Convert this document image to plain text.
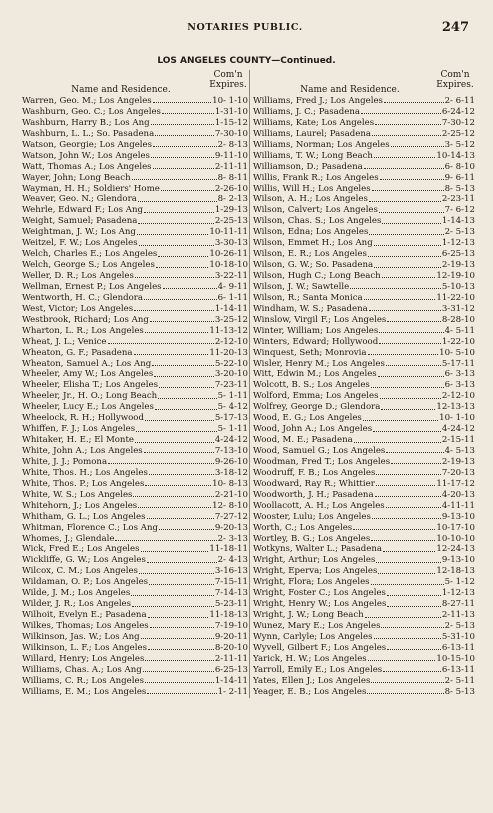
NOTARIES PUBLIC.	247
LOS ANGELES COUNTY—Continued.
Name and Residence.
Com'n Expires.
Warren, Geo. M.; Los Angeles	10- 1-10
Washburn, Geo. C.; Los Angeles	1-31-10
Washburn, Harry B.; Los Ang	1-15-12
Washburn, L. L.; So. Pasadena	7-30-10
Watson, Georgie; Los Angeles	2- 8-13
Watson, John W.; Los Angeles	9-11-10
Watt, Thomas A.; Los Angeles	2-11-11
Wayer, John; Long Beach	8- 8-11
Wayman, H. H.; Soldiers' Home	2-26-10
Weaver, Geo. N.; Glendora	8- 2-13
Wehrle, Edward F.; Los Ang	1-29-13
Weight, Samuel; Pasadena	2-25-13
Weightman, J. W.; Los Ang	10-11-11
Weitzel, F. W.; Los Angeles	3-30-13
Welch, Charles E.; Los Angeles	10-26-11
Welch, George S.; Los Angeles	10-18-10
Weller, D. R.; Los Angeles	3-22-11
Wellman, Ernest P.; Los Angeles	4- 9-11
Wentworth, H. C.; Glendora	6- 1-11
West, Victor; Los Angeles	1-14-11
Westbrook, Richard; Los Ang	3-25-12
Wharton, L. R.; Los Angeles	11-13-12
Wheat, J. L.; Venice	2-12-10
Wheaton, G. F.; Pasadena	11-20-13
Wheaton, Samuel A.; Los Ang	5-22-10
Wheeler, Amy W.; Los Angeles	3-20-10
Wheeler, Elisha T.; Los Angeles	7-23-11
Wheeler, Jr., H. O.; Long Beach	5- 1-11
Wheeler, Lucy E.; Los Angeles	5- 4-12
Wheelock, R. H.; Hollywood	5-17-13
Whiffen, F. J.; Los Angeles	5- 1-11
Whitaker, H. E.; El Monte	4-24-12
White, John A.; Los Angeles	7-13-10
White, J. J.; Pomona	9-26-10
White, Thos. H.; Los Angeles	3-18-12
White, Thos. P.; Los Angeles	10- 8-13
White, W. S.; Los Angeles	2-21-10
Whitehorn, J.; Los Angeles	12- 8-10
Whitham, G. L.; Los Angeles	7-27-12
Whitman, Florence C.; Los Ang	9-20-13
Whomes, J.; Glendale	2- 3-13
Wick, Fred E.; Los Angeles	11-18-11
Wickliffe, G. W.; Los Angeles	2- 4-13
Wilcox, C. M.; Los Angeles	3-16-13
Wildaman, O. P.; Los Angeles	7-15-11
Wilde, J. M.; Los Angeles	7-14-13
Wilder, J. R.; Los Angeles	5-23-11
Wilhoit, Evelyn E.; Pasadena	11-18-13
Wilkes, Thomas; Los Angeles	7-19-10
Wilkinson, Jas. W.; Los Ang	9-20-11
Wilkinson, L. F.; Los Angeles	8-20-10
Willard, Henry; Los Angeles	2-11-11
Williams, Chas. A.; Los Ang	6-25-13
Williams, C. R.; Los Angeles	1-14-11
Williams, E. M.; Los Angeles	1- 2-11
Name and Residence.
Com'n Expires.
Williams, Fred J.; Los Angeles	2- 6-11
Williams, J. C.; Pasadena	6-24-12
Williams, Kate; Los Angeles	7-30-12
Williams, Laurel; Pasadena	2-25-12
Williams, Norman; Los Angeles	3- 5-12
Williams, T. W.; Long Beach	10-14-13
Williamson, D.; Pasadena	6- 8-10
Willis, Frank R.; Los Angeles	9- 6-11
Willis, Will H.; Los Angeles	8- 5-13
Wilson, A. H.; Los Angeles	2-23-11
Wilson, Calvert; Los Angeles	7- 6-12
Wilson, Chas. S.; Los Angeles	1-14-13
Wilson, Edna; Los Angeles	2- 5-13
Wilson, Emmet H.; Los Ang	1-12-13
Wilson, E. R.; Los Angeles	6-25-13
Wilson, G. W.; So. Pasadena	2-19-13
Wilson, Hugh C.; Long Beach	12-19-10
Wilson, J. W.; Sawtelle	5-10-13
Wilson, R.; Santa Monica	11-22-10
Windham, W. S.; Pasadena	3-31-12
Winslow, Virgil F.; Los Angeles	8-28-10
Winter, William; Los Angeles	4- 5-11
Winters, Edward; Hollywood	1-22-10
Winquest, Seth; Monrovia	10- 5-10
Wisler, Henry M.; Los Angeles	5-17-11
Witt, Edwin M.; Los Angeles	6- 3-13
Wolcott, B. S.; Los Angeles	6- 3-13
Wolford, Emma; Los Angeles	2-12-10
Wolfrey, George D.; Glendora	12-13-13
Wood, E. G.; Los Angeles	10- 1-10
Wood, John A.; Los Angeles	4-24-12
Wood, M. E.; Pasadena	2-15-11
Wood, Samuel G.; Los Angeles	4- 5-13
Woodman, Fred T.; Los Angeles	2-19-13
Woodruff, F. B.; Los Angeles	7-20-13
Woodward, Ray R.; Whittier	11-17-12
Woodworth, J. H.; Pasadena	4-20-13
Woollacott, A. H.; Los Angeles	4-11-11
Wooster, Lulu; Los Angeles	9-13-10
Worth, C.; Los Angeles	10-17-10
Wortley, B. G.; Los Angeles	10-10-10
Wotkyns, Walter L.; Pasadena	12-24-13
Wright, Arthur; Los Angeles	9-13-10
Wright, Eperva; Los Angeles	12-18-13
Wright, Flora; Los Angeles	5- 1-12
Wright, Foster C.; Los Angeles	1-12-13
Wright, Henry W.; Los Angeles	8-27-11
Wright, J. W.; Long Beach	2-11-13
Wunez, Mary E.; Los Angeles	2- 5-13
Wynn, Carlyle; Los Angeles	5-31-10
Wyvell, Gilbert F.; Los Angeles	6-13-11
Yarick, H. W.; Los Angeles	10-15-10
Yarroll, Emily E.; Los Angeles	6-13-11
Yates, Ellen J.; Los Angeles	2- 5-11
Yeager, E. B.; Los Angeles	8- 5-13
